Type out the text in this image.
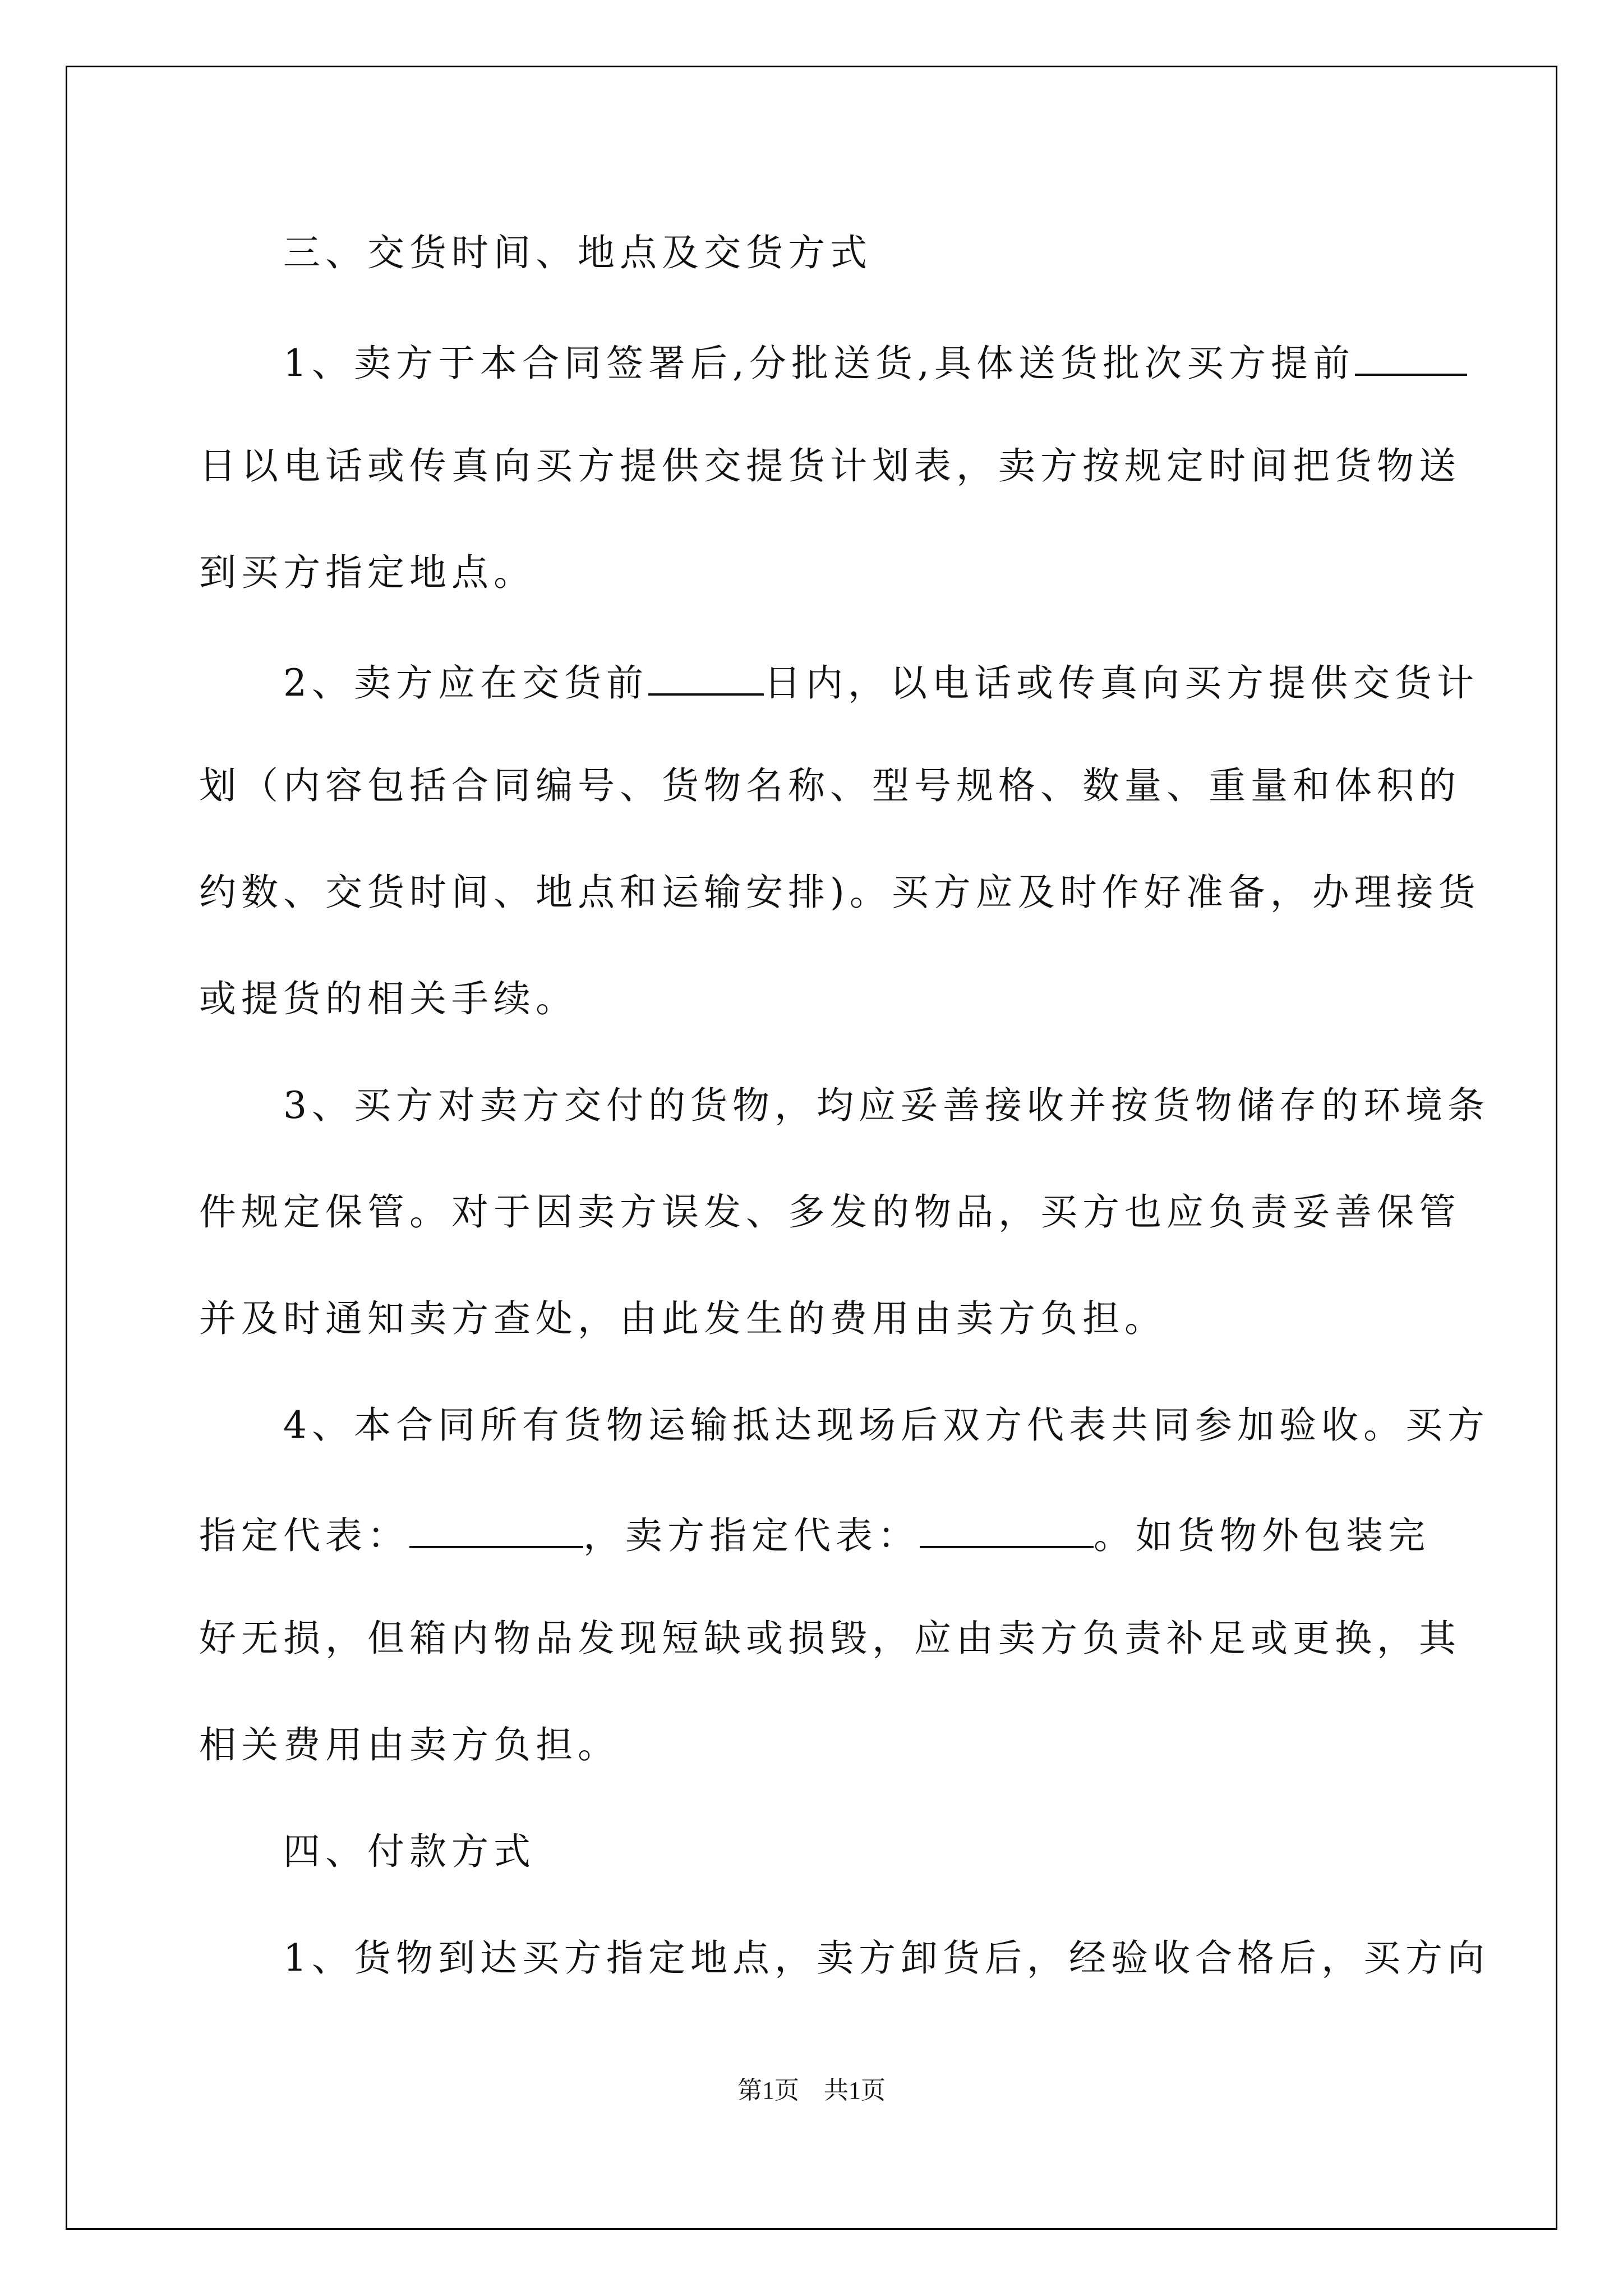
三、交货时间、地点及交货方式
1、卖方于本合同签署后,分批送货,具体送货批次买方提前
日以电话或传真向买方提供交提货计划表，卖方按规定时间把货物送
到买方指定地点。
2、卖方应在交货前	日内，以电话或传真向买方提供交货计
划（内容包括合同编号、货物名称、型号规格、数量、重量和体积的
约数、交货时间、地点和运输安排)。买方应及时作好准备，办理接货
或提货的相关手续。
3、买方对卖方交付的货物，均应妥善接收并按货物储存的环境条
件规定保管。对于因卖方误发、多发的物品，买方也应负责妥善保管
并及时通知卖方查处，由此发生的费用由卖方负担。
4、本合同所有货物运输抵达现场后双方代表共同参加验收。买方
指定代表：	，卖方指定代表：	。如货物外包装完
好无损，但箱内物品发现短缺或损毁，应由卖方负责补足或更换，其
相关费用由卖方负担。
四、付款方式
1、货物到达买方指定地点，卖方卸货后，经验收合格后，买方向
第1页　共1页
